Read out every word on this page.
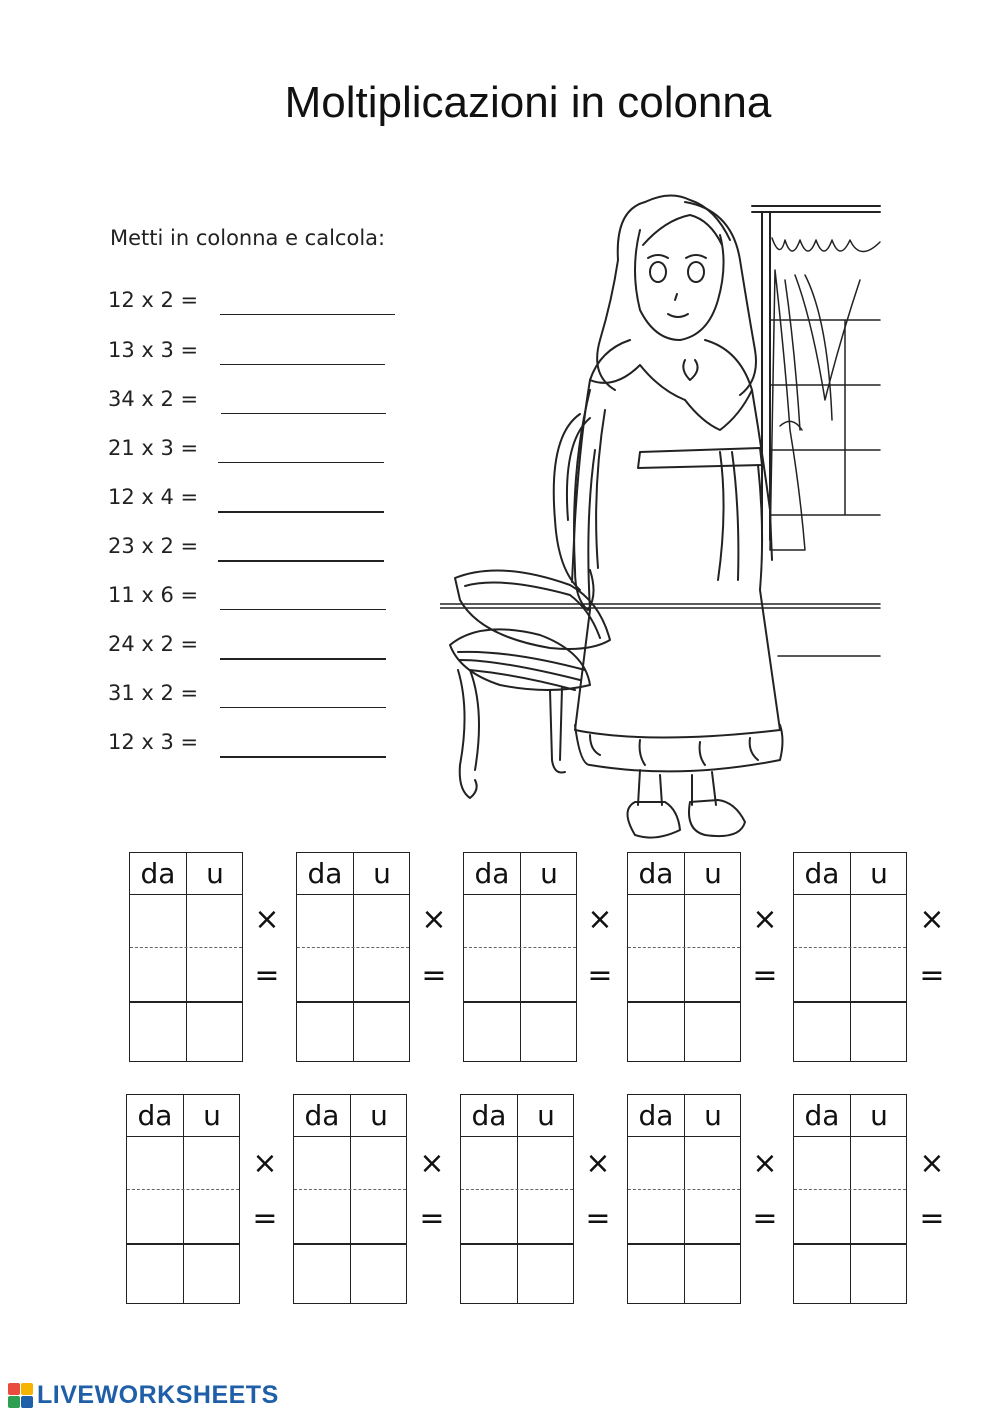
Moltiplicazioni in colonna
Metti in colonna e calcola:
12 x 2 =
13 x 3 =
34 x 2 =
21 x 3 =
12 x 4 =
23 x 2 =
11 x 6 =
24 x 2 =
31 x 2 =
12 x 3 =
da	u
×
=
da	u
×
=
da	u
×
=
da	u
×
=
da	u
×
=
da	u
×
=
da	u
×
=
da	u
×
=
da	u
×
=
da	u
×
=
LIVEWORKSHEETS
